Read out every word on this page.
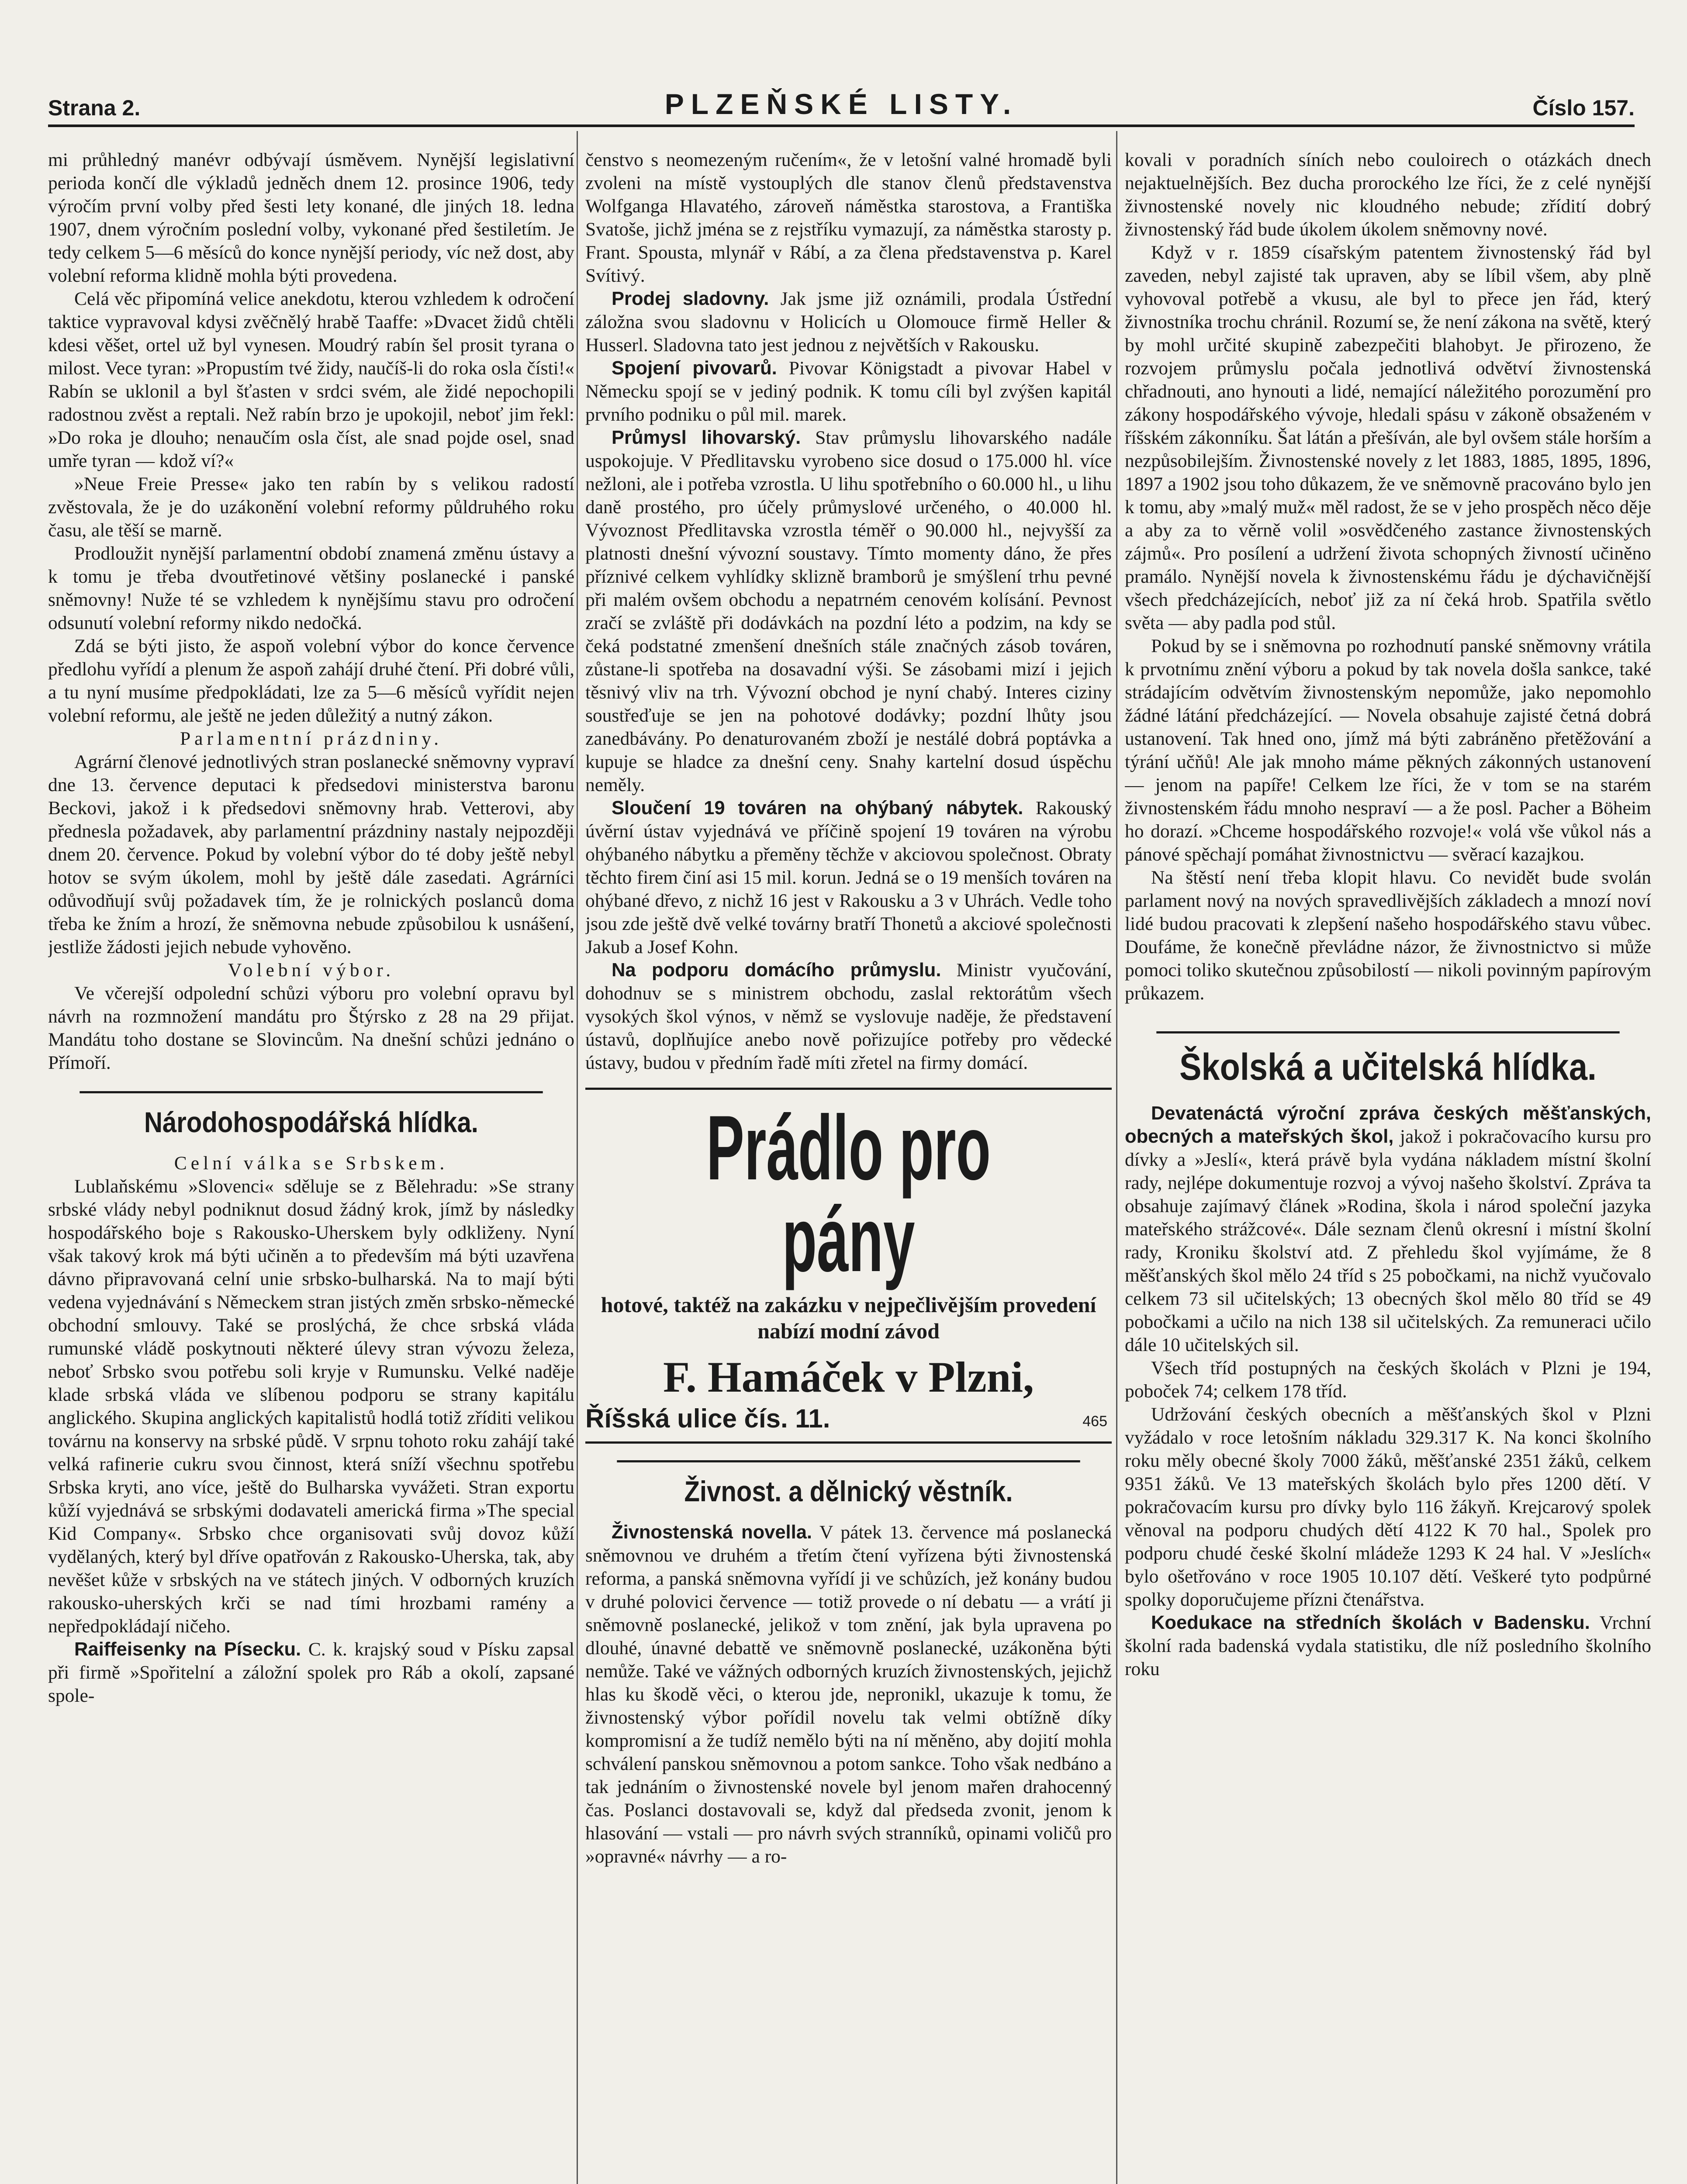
Strana 2.	PLZEŇSKÉ LISTY.	Číslo 157.

mi průhledný manévr odbývají úsměvem. Nynější legislativní perioda končí dle výkladů jedněch dnem 12. prosince 1906, tedy výročím první volby před šesti lety konané, dle jiných 18. ledna 1907, dnem výročním poslední volby, vykonané před šestiletím. Je tedy celkem 5—6 měsíců do konce nynější periody, víc než dost, aby volební reforma klidně mohla býti provedena.

Celá věc připomíná velice anekdotu, kterou vzhledem k odročení taktice vypravoval kdysi zvěčnělý hrabě Taaffe: »Dvacet židů chtěli kdesi věšet, ortel už byl vynesen. Moudrý rabín šel prosit tyrana o milost. Vece tyran: »Propustím tvé židy, naučíš-li do roka osla čísti!« Rabín se uklonil a byl šťasten v srdci svém, ale židé nepochopili radostnou zvěst a reptali. Než rabín brzo je upokojil, neboť jim řekl: »Do roka je dlouho; nenaučím osla číst, ale snad pojde osel, snad umře tyran — kdož ví?«

»Neue Freie Presse« jako ten rabín by s velikou radostí zvěstovala, že je do uzákonění volební reformy půldruhého roku času, ale těší se marně.

Prodloužit nynější parlamentní období znamená změnu ústavy a k tomu je třeba dvoutřetinové většiny poslanecké i panské sněmovny! Nuže té se vzhledem k nynějšímu stavu pro odročení odsunutí volební reformy nikdo nedočká.

Zdá se býti jisto, že aspoň volební výbor do konce července předlohu vyřídí a plenum že aspoň zahájí druhé čtení. Při dobré vůli, a tu nyní musíme předpokládati, lze za 5—6 měsíců vyřídit nejen volební reformu, ale ještě ne jeden důležitý a nutný zákon.

Parlamentní prázdniny.

Agrární členové jednotlivých stran poslanecké sněmovny vypraví dne 13. července deputaci k předsedovi ministerstva baronu Beckovi, jakož i k předsedovi sněmovny hrab. Vetterovi, aby přednesla požadavek, aby parlamentní prázdniny nastaly nejpozději dnem 20. července. Pokud by volební výbor do té doby ještě nebyl hotov se svým úkolem, mohl by ještě dále zasedati. Agrárníci odůvodňují svůj požadavek tím, že je rolnických poslanců doma třeba ke žním a hrozí, že sněmovna nebude způsobilou k usnášení, jestliže žádosti jejich nebude vyhověno.

Volební výbor.

Ve včerejší odpolední schůzi výboru pro volební opravu byl návrh na rozmnožení mandátu pro Štýrsko z 28 na 29 přijat. Mandátu toho dostane se Slovincům. Na dnešní schůzi jednáno o Přímoří.

Národohospodářská hlídka.

Celní válka se Srbskem.

Lublaňskému »Slovenci« sděluje se z Bělehradu: »Se strany srbské vlády nebyl podniknut dosud žádný krok, jímž by následky hospodářského boje s Rakousko-Uherskem byly odkliženy. Nyní však takový krok má býti učiněn a to především má býti uzavřena dávno připravovaná celní unie srbsko-bulharská. Na to mají býti vedena vyjednávání s Německem stran jistých změn srbsko-německé obchodní smlouvy. Také se proslýchá, že chce srbská vláda rumunské vládě poskytnouti některé úlevy stran vývozu železa, neboť Srbsko svou potřebu soli kryje v Rumunsku. Velké naděje klade srbská vláda ve slíbenou podporu se strany kapitálu anglického. Skupina anglických kapitalistů hodlá totiž zříditi velikou továrnu na konservy na srbské půdě. V srpnu tohoto roku zahájí také velká rafinerie cukru svou činnost, která sníží všechnu spotřebu Srbska kryti, ano více, ještě do Bulharska vyvážeti. Stran exportu kůží vyjednává se srbskými dodavateli americká firma »The special Kid Company«. Srbsko chce organisovati svůj dovoz kůží vydělaných, který byl dříve opatřován z Rakousko-Uherska, tak, aby nevěšet kůže v srbských na ve státech jiných. V odborných kruzích rakousko-uherských krči se nad tími hrozbami ramény a nepředpokládají ničeho.

Raiffeisenky na Písecku. C. k. krajský soud v Písku zapsal při firmě »Spořitelní a záložní spolek pro Ráb a okolí, zapsané spole-

čenstvo s neomezeným ručením«, že v letošní valné hromadě byli zvoleni na místě vystouplých dle stanov členů představenstva Wolfganga Hlavatého, zároveň náměstka starostova, a Františka Svatoše, jichž jména se z rejstříku vymazují, za náměstka starosty p. Frant. Spousta, mlynář v Rábí, a za člena představenstva p. Karel Svítivý.

Prodej sladovny. Jak jsme již oznámili, prodala Ústřední záložna svou sladovnu v Holicích u Olomouce firmě Heller & Husserl. Sladovna tato jest jednou z největších v Rakousku.

Spojení pivovarů. Pivovar Königstadt a pivovar Habel v Německu spojí se v jediný podnik. K tomu cíli byl zvýšen kapitál prvního podniku o půl mil. marek.

Průmysl lihovarský. Stav průmyslu lihovarského nadále uspokojuje. V Předlitavsku vyrobeno sice dosud o 175.000 hl. více nežloni, ale i potřeba vzrostla. U lihu spotřebního o 60.000 hl., u lihu daně prostého, pro účely průmyslové určeného, o 40.000 hl. Vývoznost Předlitavska vzrostla téměř o 90.000 hl., nejvyšší za platnosti dnešní vývozní soustavy. Tímto momenty dáno, že přes příznivé celkem vyhlídky sklizně bramborů je smýšlení trhu pevné při malém ovšem obchodu a nepatrném cenovém kolísání. Pevnost zračí se zvláště při dodávkách na pozdní léto a podzim, na kdy se čeká podstatné zmenšení dnešních stále značných zásob továren, zůstane-li spotřeba na dosavadní výši. Se zásobami mizí i jejich těsnivý vliv na trh. Vývozní obchod je nyní chabý. Interes ciziny soustřeďuje se jen na pohotové dodávky; pozdní lhůty jsou zanedbávány. Po denaturovaném zboží je nestálé dobrá poptávka a kupuje se hladce za dnešní ceny. Snahy kartelní dosud úspěchu neměly.

Sloučení 19 továren na ohýbaný nábytek. Rakouský úvěrní ústav vyjednává ve příčině spojení 19 továren na výrobu ohýbaného nábytku a přeměny těchže v akciovou společnost. Obraty těchto firem činí asi 15 mil. korun. Jedná se o 19 menších továren na ohýbané dřevo, z nichž 16 jest v Rakousku a 3 v Uhrách. Vedle toho jsou zde ještě dvě velké továrny bratří Thonetů a akciové společnosti Jakub a Josef Kohn.

Na podporu domácího průmyslu. Ministr vyučování, dohodnuv se s ministrem obchodu, zaslal rektorátům všech vysokých škol výnos, v němž se vyslovuje naděje, že představení ústavů, doplňujíce anebo nově pořizujíce potřeby pro vědecké ústavy, budou v předním řadě míti zřetel na firmy domácí.

Prádlo pro pány
hotové, taktéž na zakázku v nejpečlivějším provedení nabízí modní závod
F. Hamáček v Plzni,
Říšská ulice čís. 11.	465
Živnost. a dělnický věstník.

Živnostenská novella. V pátek 13. července má poslanecká sněmovnou ve druhém a třetím čtení vyřízena býti živnostenská reforma, a panská sněmovna vyřídí ji ve schůzích, jež konány budou v druhé polovici července — totiž provede o ní debatu — a vrátí ji sněmovně poslanecké, jelikož v tom znění, jak byla upravena po dlouhé, únavné debattě ve sněmovně poslanecké, uzákoněna býti nemůže. Také ve vážných odborných kruzích živnostenských, jejichž hlas ku škodě věci, o kterou jde, nepronikl, ukazuje k tomu, že živnostenský výbor pořídil novelu tak velmi obtížně díky kompromisní a že tudíž nemělo býti na ní měněno, aby dojití mohla schválení panskou sněmovnou a potom sankce. Toho však nedbáno a tak jednáním o živnostenské novele byl jenom mařen drahocenný čas. Poslanci dostavovali se, když dal předseda zvonit, jenom k hlasování — vstali — pro návrh svých stranníků, opinami voličů pro »opravné« návrhy — a ro-

kovali v poradních síních nebo couloirech o otázkách dnech nejaktuelnějších. Bez ducha prorockého lze říci, že z celé nynější živnostenské novely nic kloudného nebude; zřídití dobrý živnostenský řád bude úkolem úkolem sněmovny nové.

Když v r. 1859 císařským patentem živnostenský řád byl zaveden, nebyl zajisté tak upraven, aby se líbil všem, aby plně vyhovoval potřebě a vkusu, ale byl to přece jen řád, který živnostníka trochu chránil. Rozumí se, že není zákona na světě, který by mohl určité skupině zabezpečiti blahobyt. Je přirozeno, že rozvojem průmyslu počala jednotlivá odvětví živnostenská chřadnouti, ano hynouti a lidé, nemající náležitého porozumění pro zákony hospodářského vývoje, hledali spásu v zákoně obsaženém v říšském zákonníku. Šat látán a přešíván, ale byl ovšem stále horším a nezpůsobilejším. Živnostenské novely z let 1883, 1885, 1895, 1896, 1897 a 1902 jsou toho důkazem, že ve sněmovně pracováno bylo jen k tomu, aby »malý muž« měl radost, že se v jeho prospěch něco děje a aby za to věrně volil »osvědčeného zastance živnostenských zájmů«. Pro posílení a udržení života schopných živností učiněno pramálo. Nynější novela k živnostenskému řádu je dýchavičnější všech předcházejících, neboť již za ní čeká hrob. Spatřila světlo světa — aby padla pod stůl.

Pokud by se i sněmovna po rozhodnutí panské sněmovny vrátila k prvotnímu znění výboru a pokud by tak novela došla sankce, také strádajícím odvětvím živnostenským nepomůže, jako nepomohlo žádné látání předcházející. — Novela obsahuje zajisté četná dobrá ustanovení. Tak hned ono, jímž má býti zabráněno přetěžování a týrání učňů! Ale jak mnoho máme pěkných zákonných ustanovení — jenom na papíře! Celkem lze říci, že v tom se na starém živnostenském řádu mnoho nespraví — a že posl. Pacher a Böheim ho dorazí. »Chceme hospodářského rozvoje!« volá vše vůkol nás a pánové spěchají pomáhat živnostnictvu — svěrací kazajkou.

Na štěstí není třeba klopit hlavu. Co nevidět bude svolán parlament nový na nových spravedlivějších základech a mnozí noví lidé budou pracovati k zlepšení našeho hospodářského stavu vůbec. Doufáme, že konečně převládne názor, že živnostnictvo si může pomoci toliko skutečnou způsobilostí — nikoli povinným papírovým průkazem.

Školská a učitelská hlídka.

Devatenáctá výroční zpráva českých měšťanských, obecných a mateřských škol, jakož i pokračovacího kursu pro dívky a »Jeslí«, která právě byla vydána nákladem místní školní rady, nejlépe dokumentuje rozvoj a vývoj našeho školství. Zpráva ta obsahuje zajímavý článek »Rodina, škola i národ společní jazyka mateřského strážcové«. Dále seznam členů okresní i místní školní rady, Kroniku školství atd. Z přehledu škol vyjímáme, že 8 měšťanských škol mělo 24 tříd s 25 pobočkami, na nichž vyučovalo celkem 73 sil učitelských; 13 obecných škol mělo 80 tříd se 49 pobočkami a učilo na nich 138 sil učitelských. Za remuneraci učilo dále 10 učitelských sil.

Všech tříd postupných na českých školách v Plzni je 194, poboček 74; celkem 178 tříd.

Udržování českých obecních a měšťanských škol v Plzni vyžádalo v roce letošním nákladu 329.317 K. Na konci školního roku měly obecné školy 7000 žáků, měšťanské 2351 žáků, celkem 9351 žáků. Ve 13 mateřských školách bylo přes 1200 dětí. V pokračovacím kursu pro dívky bylo 116 žákyň. Krejcarový spolek věnoval na podporu chudých dětí 4122 K 70 hal., Spolek pro podporu chudé české školní mládeže 1293 K 24 hal. V »Jeslích« bylo ošetřováno v roce 1905 10.107 dětí. Veškeré tyto podpůrné spolky doporučujeme přízni čtenářstva.

Koedukace na středních školách v Badensku. Vrchní školní rada badenská vydala statistiku, dle níž posledního školního roku
